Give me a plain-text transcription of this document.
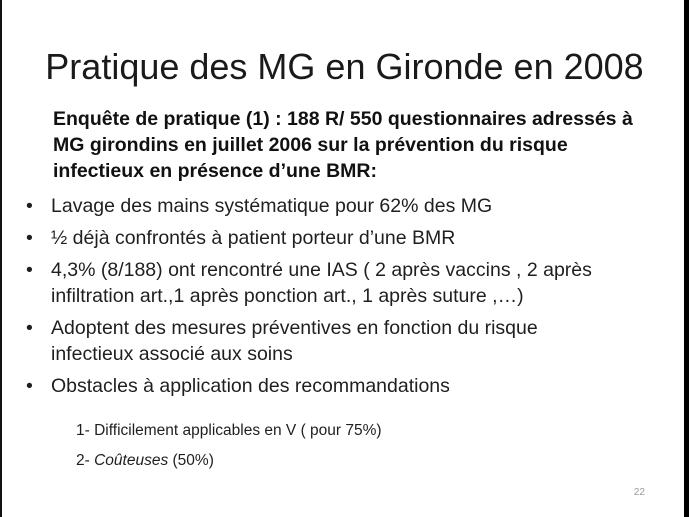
Pratique des MG en Gironde en 2008
Enquête de pratique (1) : 188 R/ 550 questionnaires adressés à
MG girondins en juillet 2006 sur la prévention du risque
infectieux en présence d’une BMR:
• Lavage des mains systématique pour 62% des MG
• ½ déjà confrontés à patient porteur d’une BMR
• 4,3% (8/188) ont rencontré une IAS ( 2 après vaccins , 2 après
infiltration art.,1 après ponction art., 1 après suture ,…)
• Adoptent des mesures préventives en fonction du risque
infectieux associé aux soins
• Obstacles à application des recommandations
1- Difficilement applicables en V ( pour 75%)
2- Coûteuses (50%)
22
